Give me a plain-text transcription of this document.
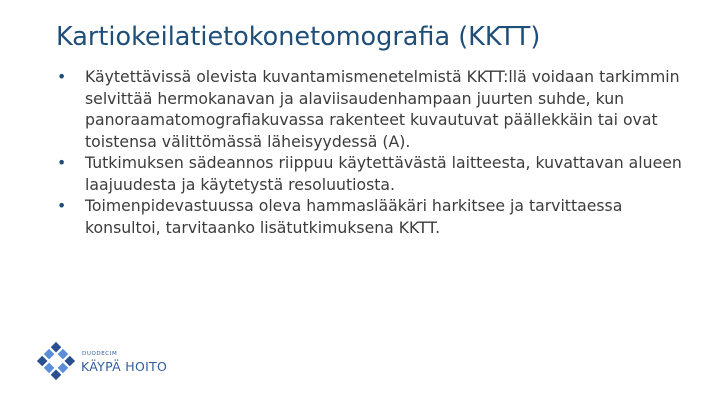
Kartiokeilatietokonetomografia (KKTT)
• Käytettävissä olevista kuvantamismenetelmistä KKTT:llä voidaan tarkimmin selvittää hermokanavan ja alaviisaudenhampaan juurten suhde, kun panoraamatomografiakuvassa rakenteet kuvautuvat päällekkäin tai ovat toistensa välittömässä läheisyydessä (A).
• Tutkimuksen sädeannos riippuu käytettävästä laitteesta, kuvattavan alueen laajuudesta ja käytetystä resoluutiosta.
• Toimenpidevastuussa oleva hammaslääkäri harkitsee ja tarvittaessa konsultoi, tarvitaanko lisätutkimuksena KKTT.
DUODECIM
KÄYPÄ HOITO
